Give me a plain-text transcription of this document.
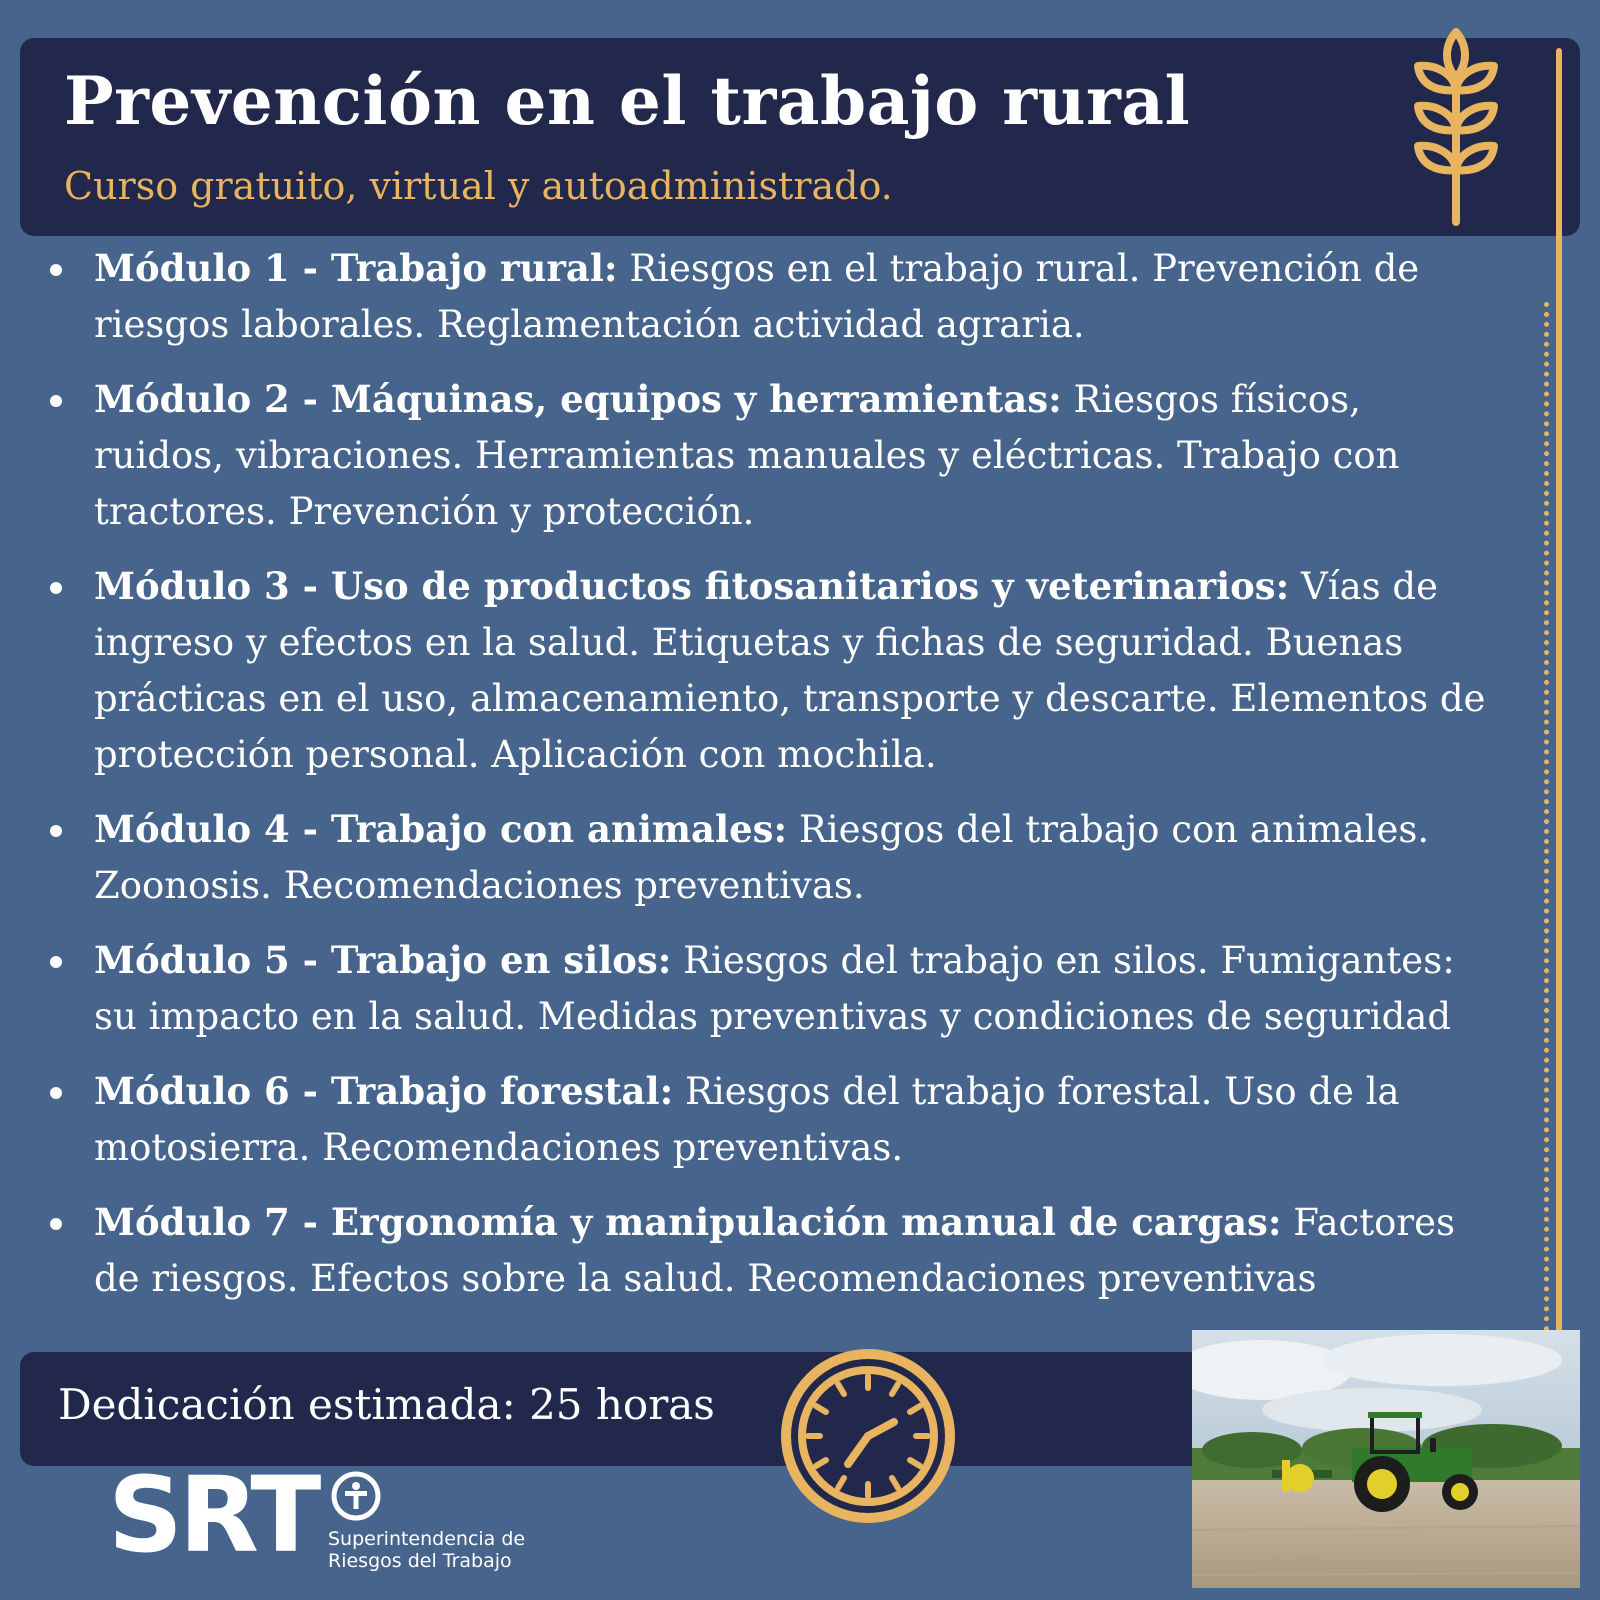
Prevención en el trabajo rural
Curso gratuito, virtual y autoadministrado.
Módulo 1 - Trabajo rural: Riesgos en el trabajo rural. Prevención de riesgos laborales. Reglamentación actividad agraria.
Módulo 2 - Máquinas, equipos y herramientas: Riesgos físicos, ruidos, vibraciones. Herramientas manuales y eléctricas. Trabajo con tractores. Prevención y protección.
Módulo 3 - Uso de productos fitosanitarios y veterinarios: Vías de ingreso y efectos en la salud. Etiquetas y fichas de seguridad. Buenas prácticas en el uso, almacenamiento, transporte y descarte. Elementos de protección personal. Aplicación con mochila.
Módulo 4 - Trabajo con animales: Riesgos del trabajo con animales. Zoonosis. Recomendaciones preventivas.
Módulo 5 - Trabajo en silos: Riesgos del trabajo en silos. Fumigantes: su impacto en la salud. Medidas preventivas y condiciones de seguridad
Módulo 6 - Trabajo forestal: Riesgos del trabajo forestal. Uso de la motosierra. Recomendaciones preventivas.
Módulo 7 - Ergonomía y manipulación manual de cargas: Factores de riesgos. Efectos sobre la salud. Recomendaciones preventivas
Dedicación estimada: 25 horas
SRT Superintendencia de
Riesgos del Trabajo
